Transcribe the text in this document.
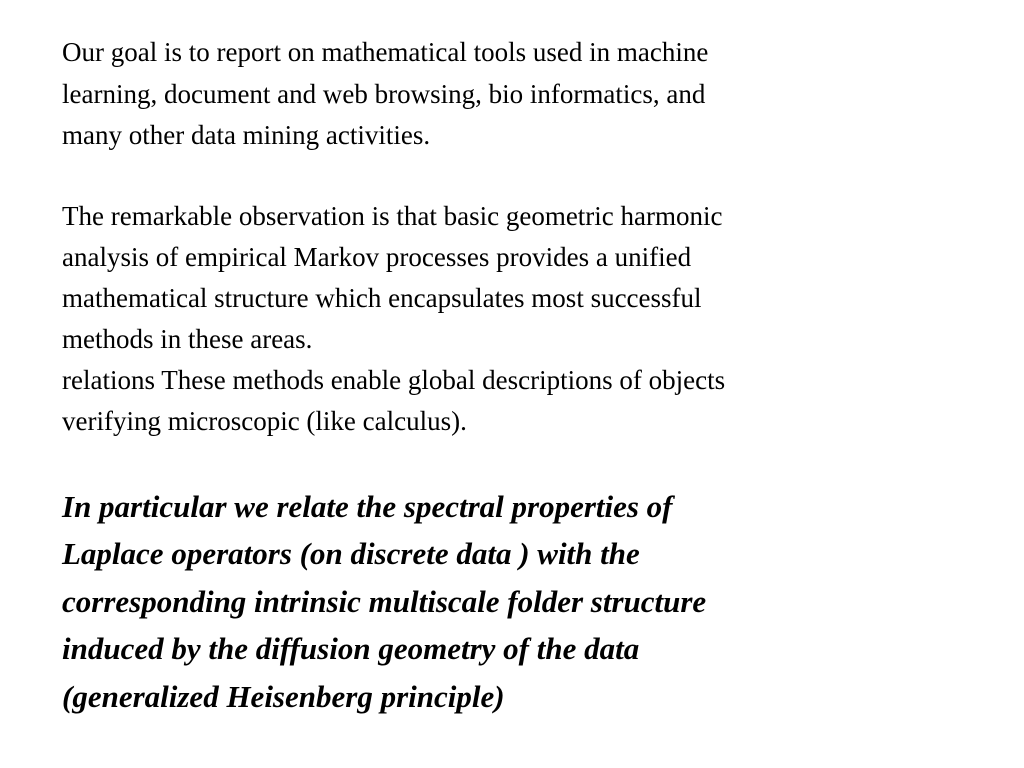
Our goal is to report on mathematical tools used in machine

learning, document and web browsing, bio informatics, and

many other data mining activities.

The remarkable observation is that basic geometric harmonic

analysis of empirical Markov processes provides a unified

mathematical structure which encapsulates most successful

methods in these areas.

relations These methods enable global descriptions of objects

verifying microscopic (like calculus).

In particular we relate the spectral properties of

Laplace operators (on discrete data ) with the

corresponding intrinsic multiscale folder structure

induced by the diffusion geometry of the data

(generalized Heisenberg principle)
